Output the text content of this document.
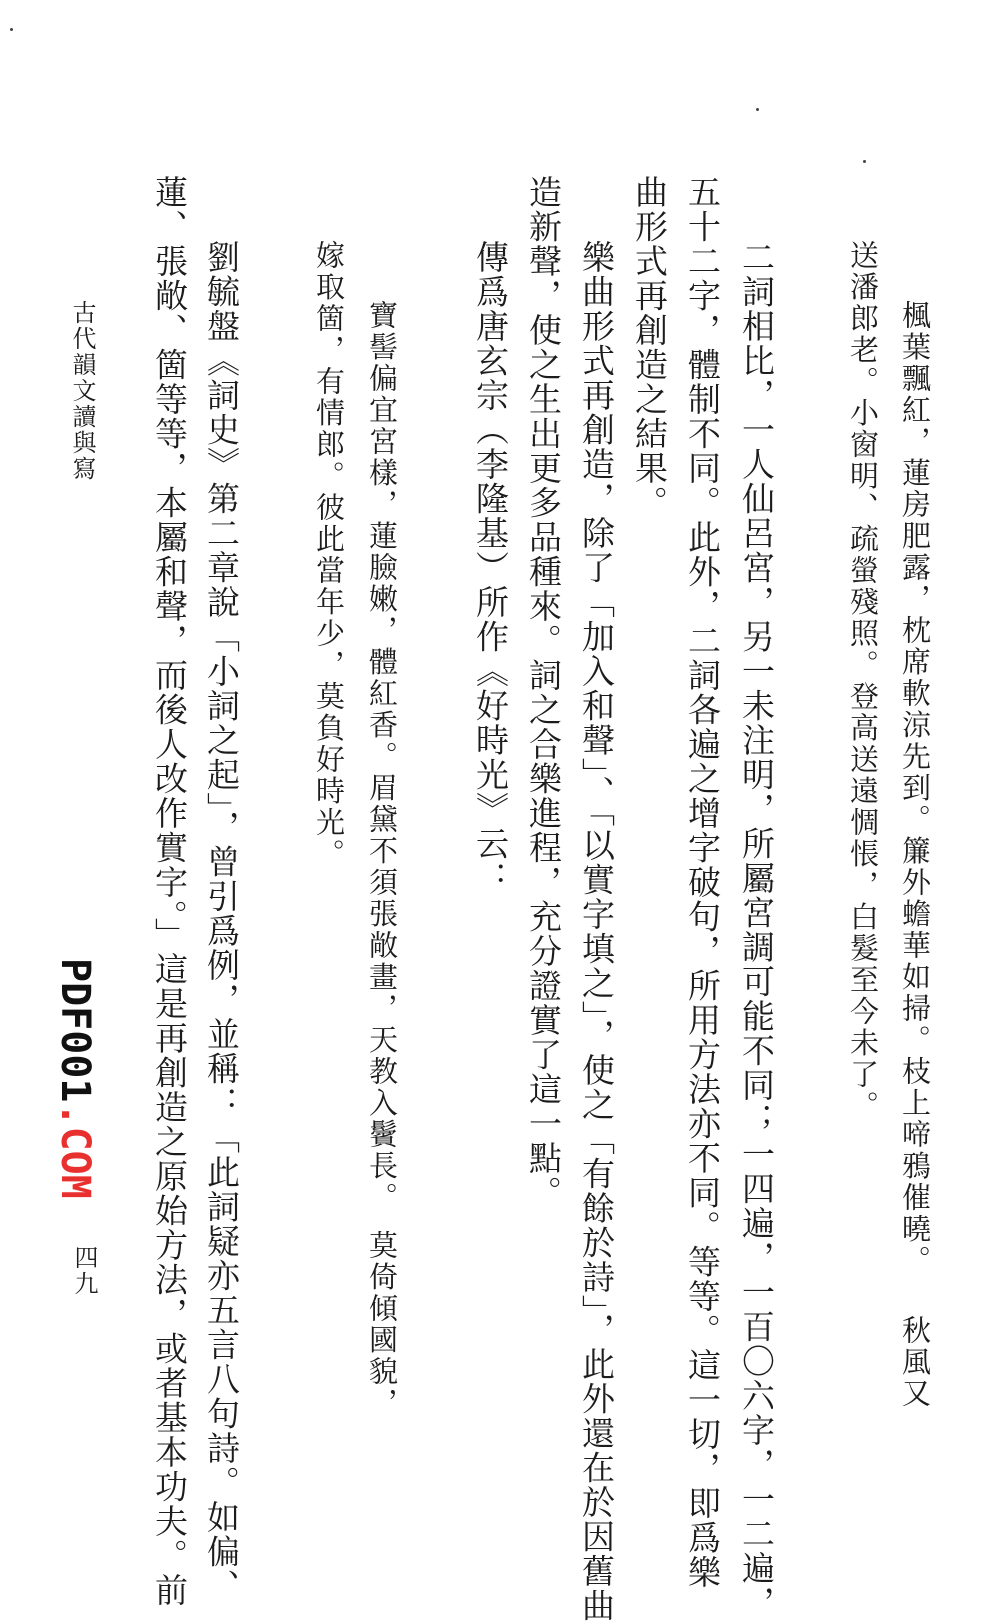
楓葉飄紅，蓮房肥露，枕席軟涼先到。簾外蟾華如掃。枝上啼鴉催曉。
秋風又
送潘郎老。小窗明、疏螢殘照。登高送遠惆悵，白髮至今未了。
二詞相比，一人仙呂宮，另一未注明，所屬宮調可能不同；一四遍，一百〇六字，一二遍，
五十二字，體制不同。此外，二詞各遍之增字破句，所用方法亦不同。等等。這一切，即爲樂
曲形式再創造之結果。
樂曲形式再創造，除了「加入和聲」、「以實字填之」，使之「有餘於詩」，此外還在於因舊曲
造新聲，使之生出更多品種來。詞之合樂進程，充分證實了這一點。
傳爲唐玄宗（李隆基）所作《好時光》云：
寶髻偏宜宮樣，蓮臉嫩，體紅香。眉黛不須張敞畫，天教入鬢長。
莫倚傾國貌，
嫁取箇，有情郎。彼此當年少，莫負好時光。
劉毓盤《詞史》第二章說「小詞之起」，曾引爲例，並稱：「此詞疑亦五言八句詩。如偏、
蓮、張敞、箇等等，本屬和聲，而後人改作實字。」這是再創造之原始方法，或者基本功夫。前
古代韻文讀與寫
PDF001.COM
四九
